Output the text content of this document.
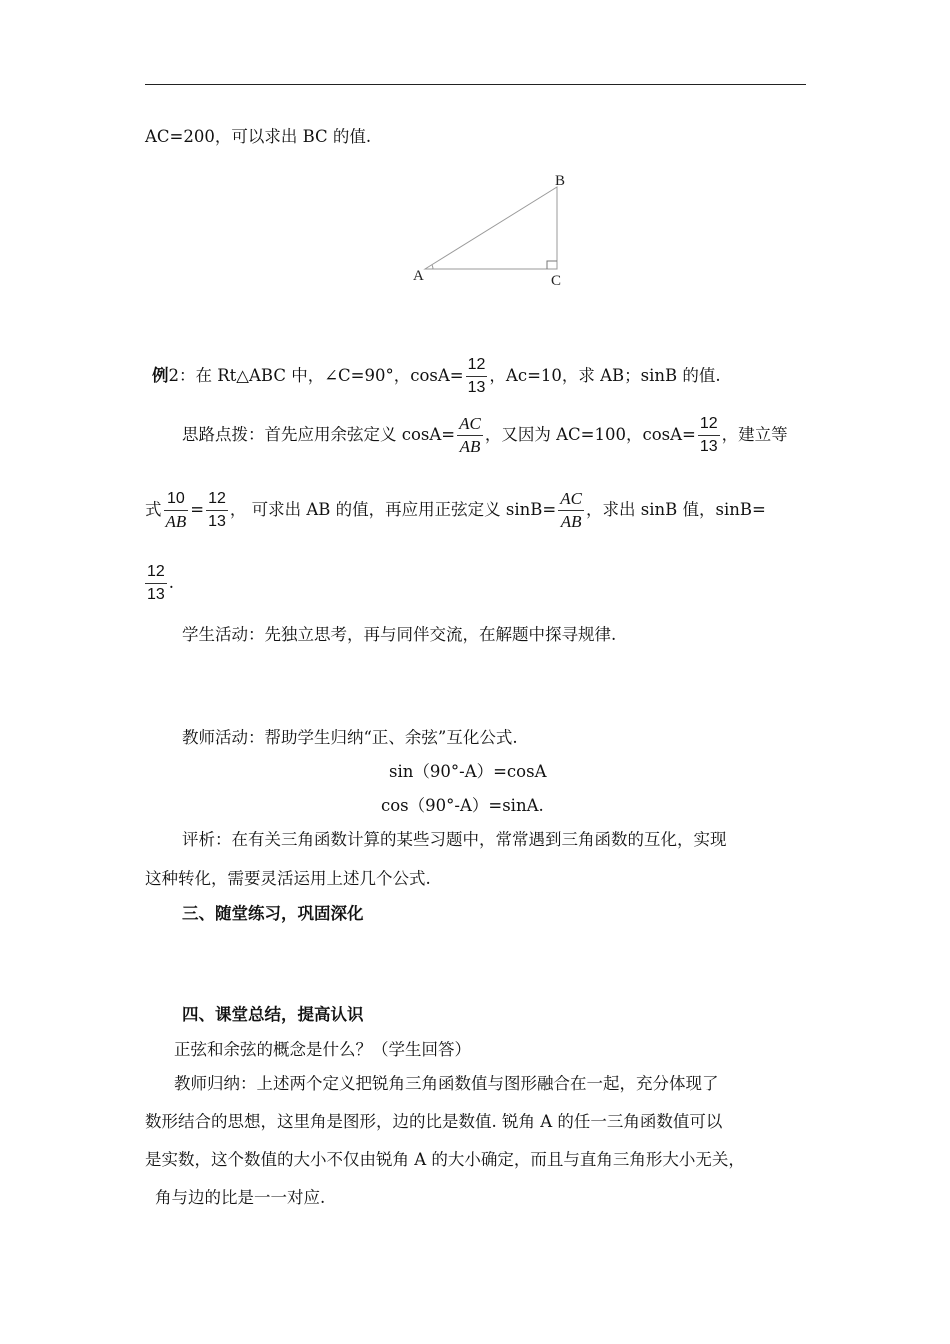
AC=200，可以求出 BC 的值.
A
B
C
例2：在 Rt△ABC 中，∠C=90°，$\cos A= \frac{12}{13}$ ，Ac=10，求 AB；sinB 的值.
思路点拨：首先应用余弦定义 $\cos A= \frac{AC}{AB}$ ，又因为 AC=100，$\cos A= \frac{12}{13}$ ，建立等
式 $\frac{10}{AB} = \frac{12}{13}$ ， 可求出 AB 的值，再应用正弦定义 $\sin B= \frac{AC}{AB}$ ，求出 sinB 值，sinB=
$\frac{12}{13}$ .
学生活动：先独立思考，再与同伴交流，在解题中探寻规律.
教师活动：帮助学生归纳“正、余弦”互化公式.
sin（90°-A）=cosA
cos（90°-A）=sinA.
评析：在有关三角函数计算的某些习题中，常常遇到三角函数的互化，实现
这种转化，需要灵活运用上述几个公式.
三、随堂练习，巩固深化
四、课堂总结，提高认识
正弦和余弦的概念是什么？（学生回答）
教师归纳：上述两个定义把锐角三角函数值与图形融合在一起，充分体现了
数形结合的思想，这里角是图形，边的比是数值. 锐角 A 的任一三角函数值可以
是实数，这个数值的大小不仅由锐角 A 的大小确定，而且与直角三角形大小无关，
角与边的比是一一对应.
